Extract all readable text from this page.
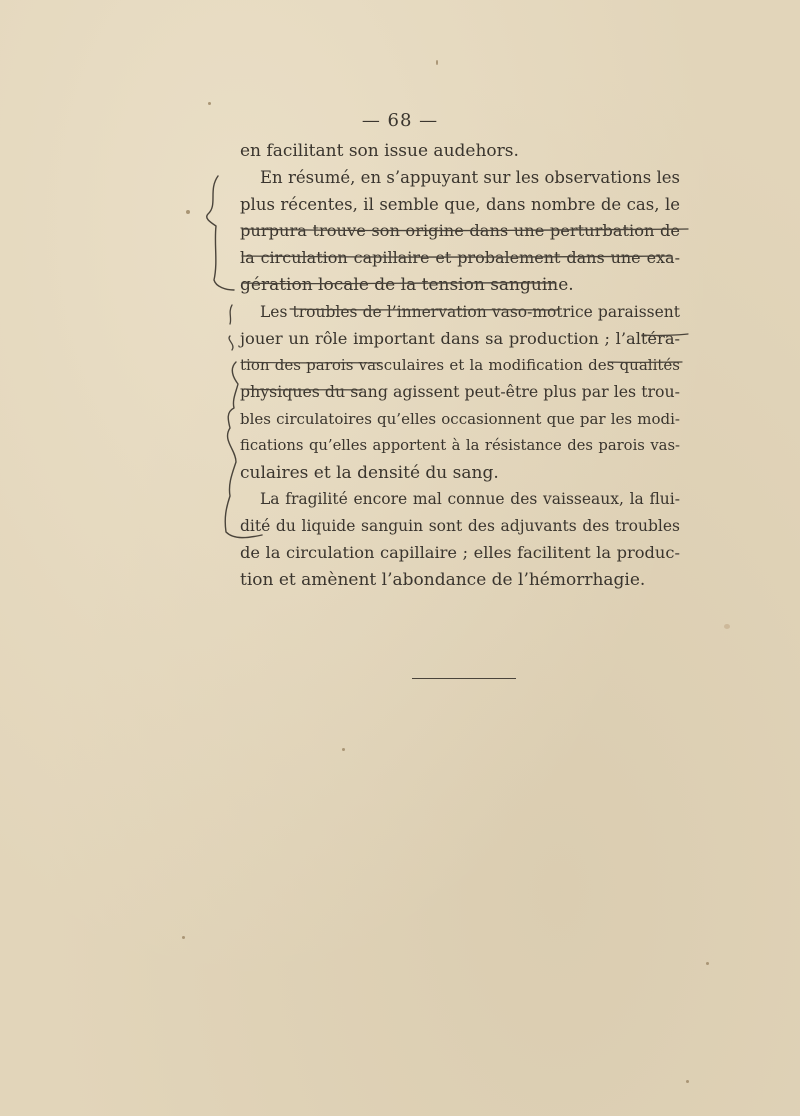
— 68 —
en facilitant son issue audehors.
En résumé, en s’appuyant sur les observations les
plus récentes, il semble que, dans nombre de cas, le
purpura trouve son origine dans une perturbation de
la circulation capillaire et probalement dans une exa-
gération locale de la tension sanguine.
Les troubles de l’innervation vaso-motrice paraissent
jouer un rôle important dans sa production ; l’altéra-
tion des parois vasculaires et la modification des qualités
physiques du sang agissent peut-être plus par les trou-
bles circulatoires qu’elles occasionnent que par les modi-
fications qu’elles apportent à la résistance des parois vas-
culaires et la densité du sang.
La fragilité encore mal connue des vaisseaux, la flui-
dité du liquide sanguin sont des adjuvants des troubles
de la circulation capillaire ; elles facilitent la produc-
tion et amènent l’abondance de l’hémorrhagie.
